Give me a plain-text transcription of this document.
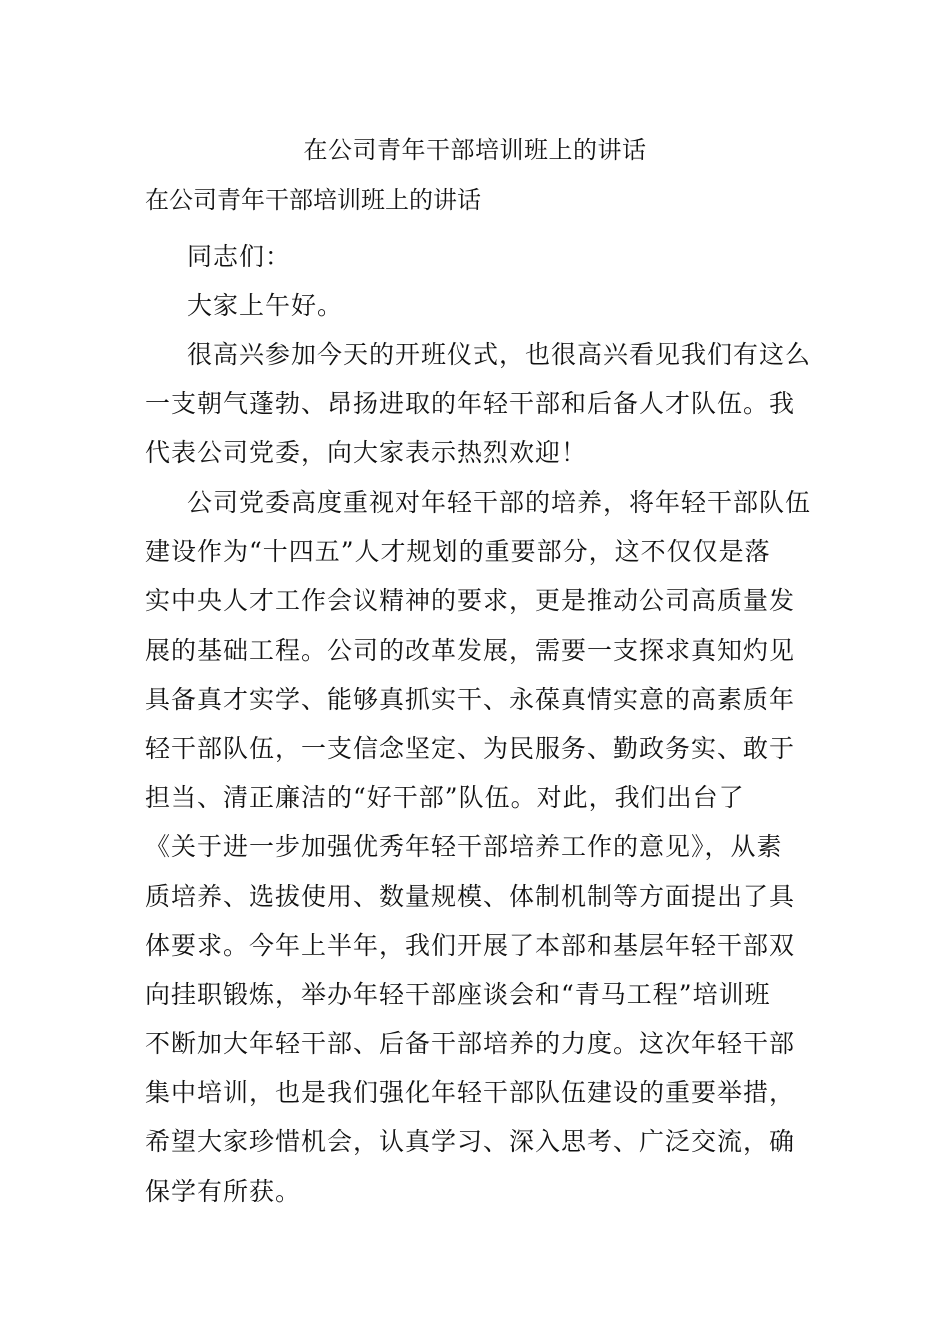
在公司青年干部培训班上的讲话
在公司青年干部培训班上的讲话
同志们：
大家上午好。
很高兴参加今天的开班仪式，也很高兴看见我们有这么
一支朝气蓬勃、昂扬进取的年轻干部和后备人才队伍。我
代表公司党委，向大家表示热烈欢迎！
公司党委高度重视对年轻干部的培养，将年轻干部队伍
建设作为“十四五”人才规划的重要部分，这不仅仅是落
实中央人才工作会议精神的要求，更是推动公司高质量发
展的基础工程。公司的改革发展，需要一支探求真知灼见
具备真才实学、能够真抓实干、永葆真情实意的高素质年
轻干部队伍，一支信念坚定、为民服务、勤政务实、敢于
担当、清正廉洁的“好干部”队伍。对此，我们出台了
《关于进一步加强优秀年轻干部培养工作的意见》，从素
质培养、选拔使用、数量规模、体制机制等方面提出了具
体要求。今年上半年，我们开展了本部和基层年轻干部双
向挂职锻炼，举办年轻干部座谈会和“青马工程”培训班
不断加大年轻干部、后备干部培养的力度。这次年轻干部
集中培训，也是我们强化年轻干部队伍建设的重要举措，
希望大家珍惜机会，认真学习、深入思考、广泛交流，确
保学有所获。
